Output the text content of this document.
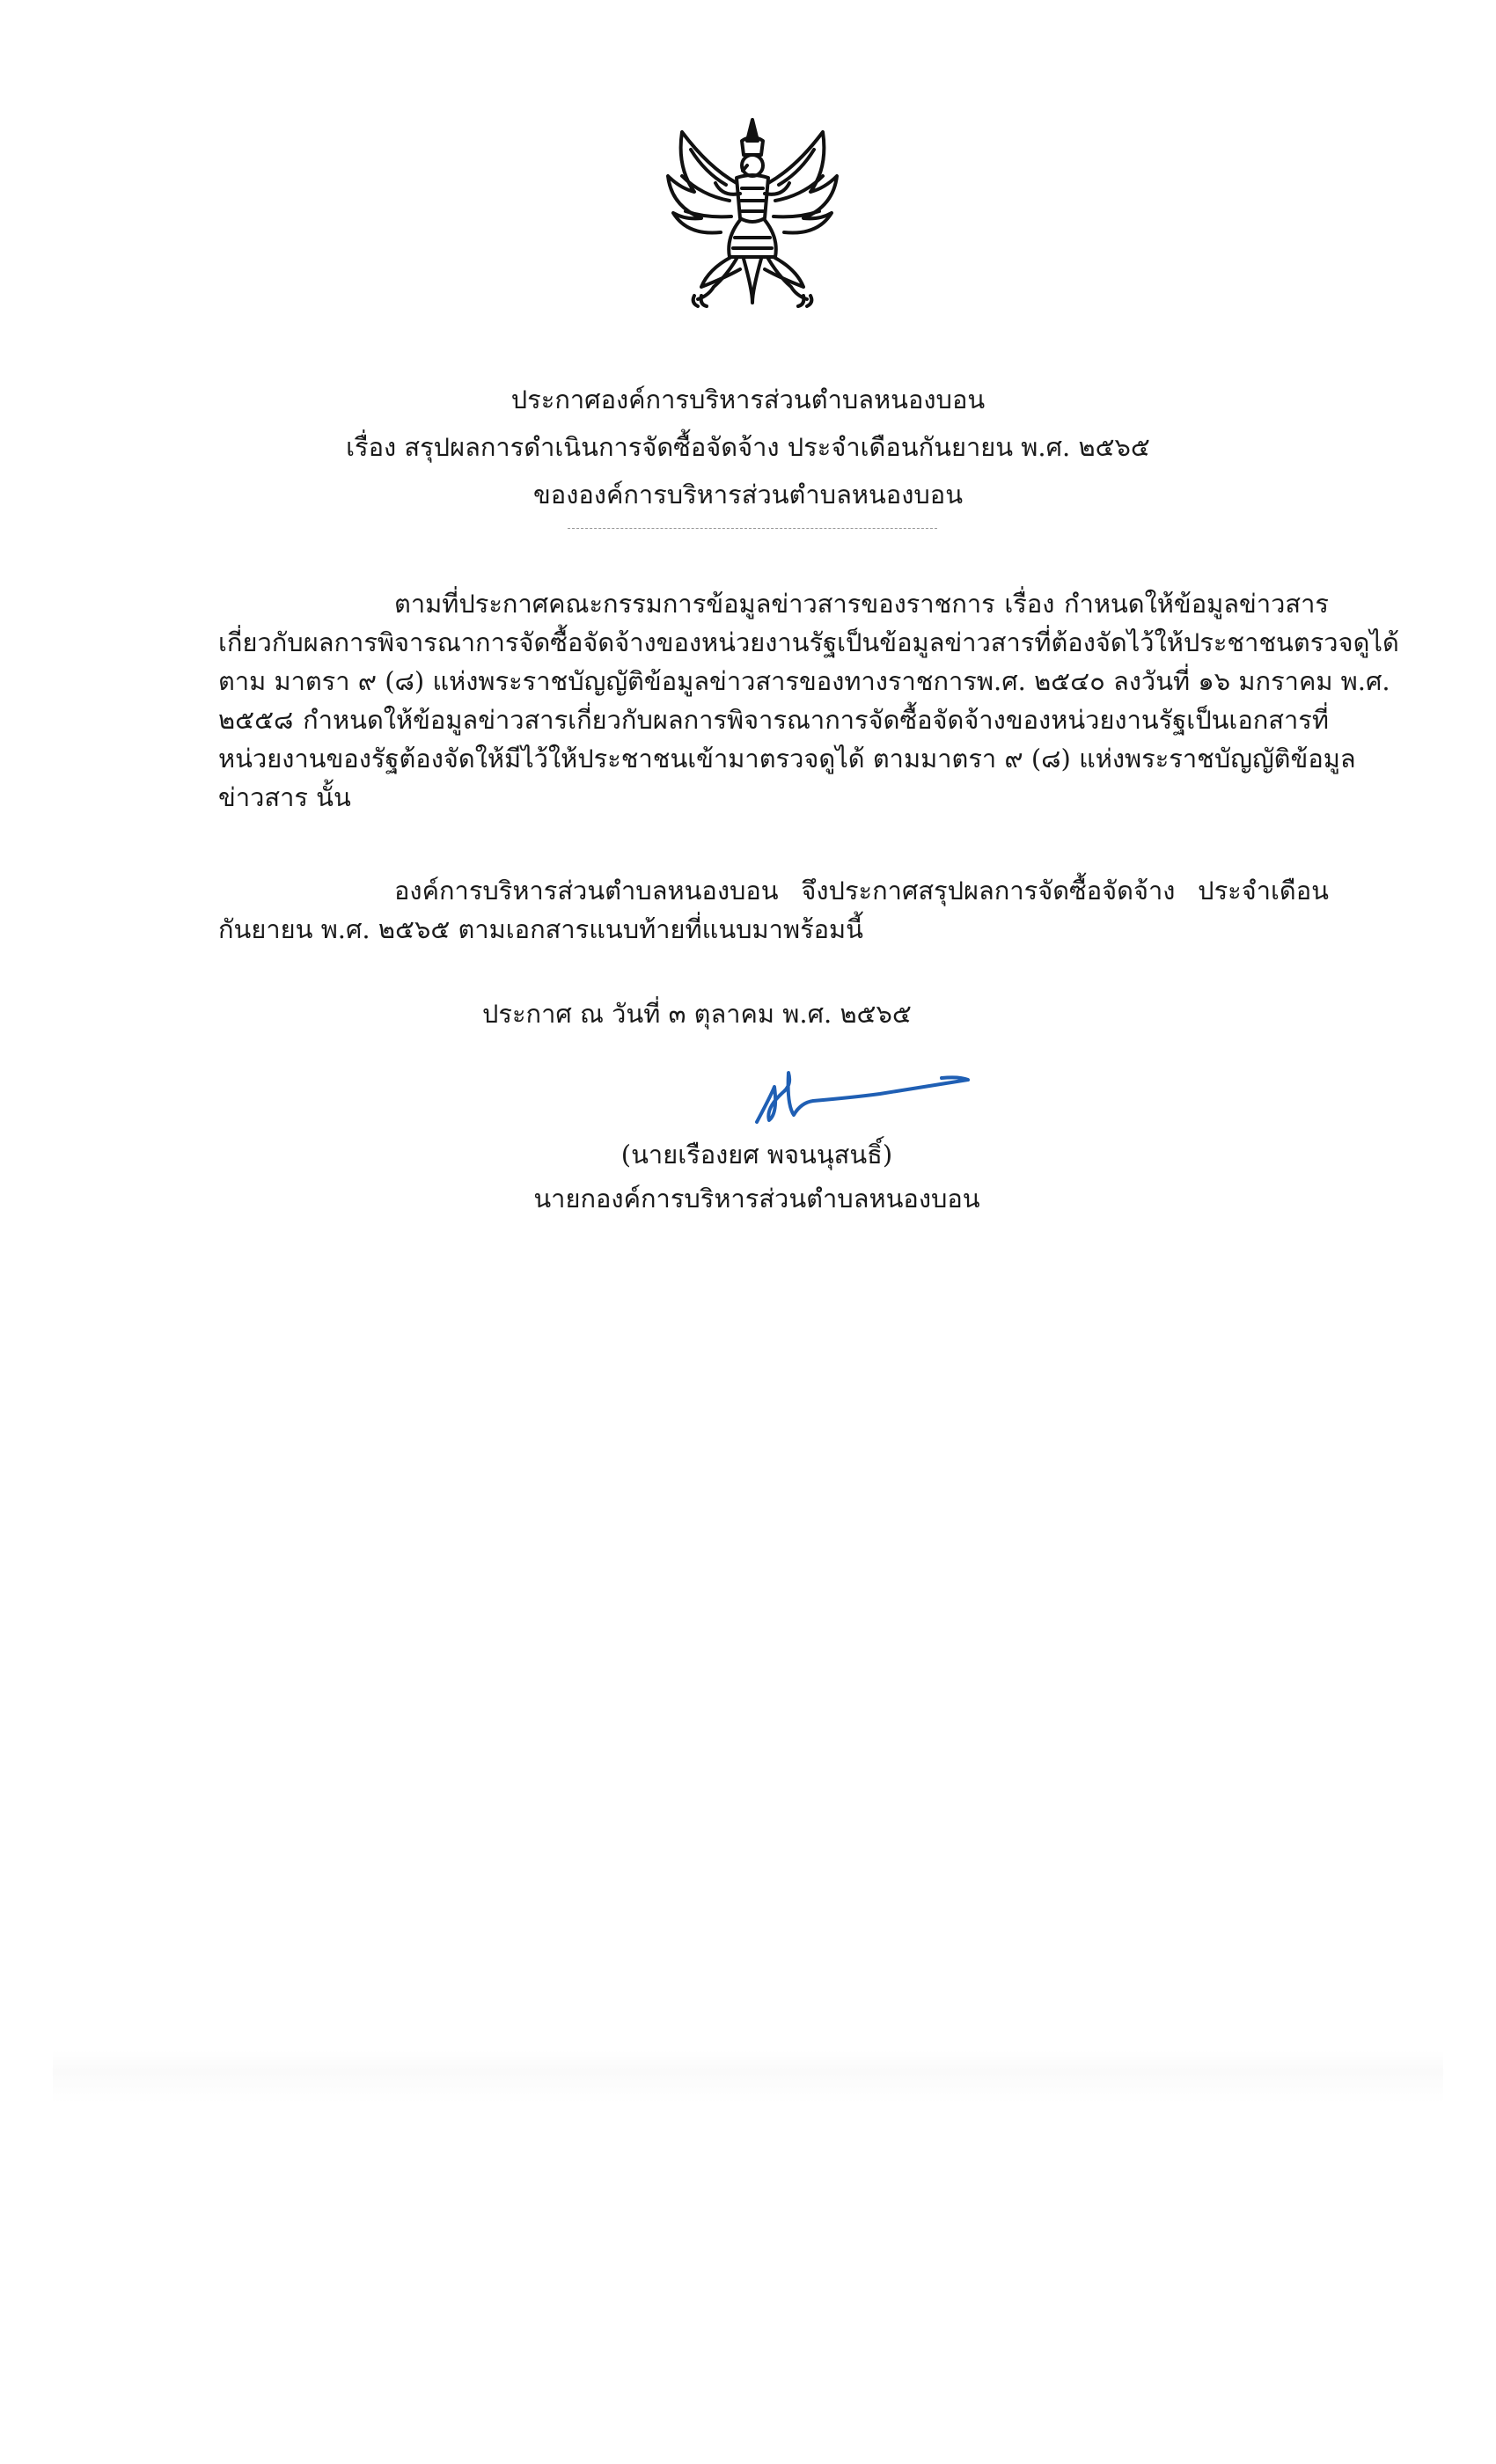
ประกาศองค์การบริหารส่วนตำบลหนองบอน
เรื่อง สรุปผลการดำเนินการจัดซื้อจัดจ้าง ประจำเดือนกันยายน พ.ศ. ๒๕๖๕
ขององค์การบริหารส่วนตำบลหนองบอน
ตามที่ประกาศคณะกรรมการข้อมูลข่าวสารของราชการ เรื่อง กำหนดให้ข้อมูลข่าวสาร
เกี่ยวกับผลการพิจารณาการจัดซื้อจัดจ้างของหน่วยงานรัฐเป็นข้อมูลข่าวสารที่ต้องจัดไว้ให้ประชาชนตรวจดูได้
ตาม มาตรา ๙ (๘) แห่งพระราชบัญญัติข้อมูลข่าวสารของทางราชการพ.ศ. ๒๕๔๐ ลงวันที่ ๑๖ มกราคม พ.ศ.
๒๕๕๘ กำหนดให้ข้อมูลข่าวสารเกี่ยวกับผลการพิจารณาการจัดซื้อจัดจ้างของหน่วยงานรัฐเป็นเอกสารที่
หน่วยงานของรัฐต้องจัดให้มีไว้ให้ประชาชนเข้ามาตรวจดูได้ ตามมาตรา ๙ (๘) แห่งพระราชบัญญัติข้อมูล
ข่าวสาร นั้น
องค์การบริหารส่วนตำบลหนองบอน จึงประกาศสรุปผลการจัดซื้อจัดจ้าง ประจำเดือน
กันยายน พ.ศ. ๒๕๖๕ ตามเอกสารแนบท้ายที่แนบมาพร้อมนี้
ประกาศ ณ วันที่ ๓ ตุลาคม พ.ศ. ๒๕๖๕
(นายเรืองยศ พจนนุสนธิ์)
นายกองค์การบริหารส่วนตำบลหนองบอน
